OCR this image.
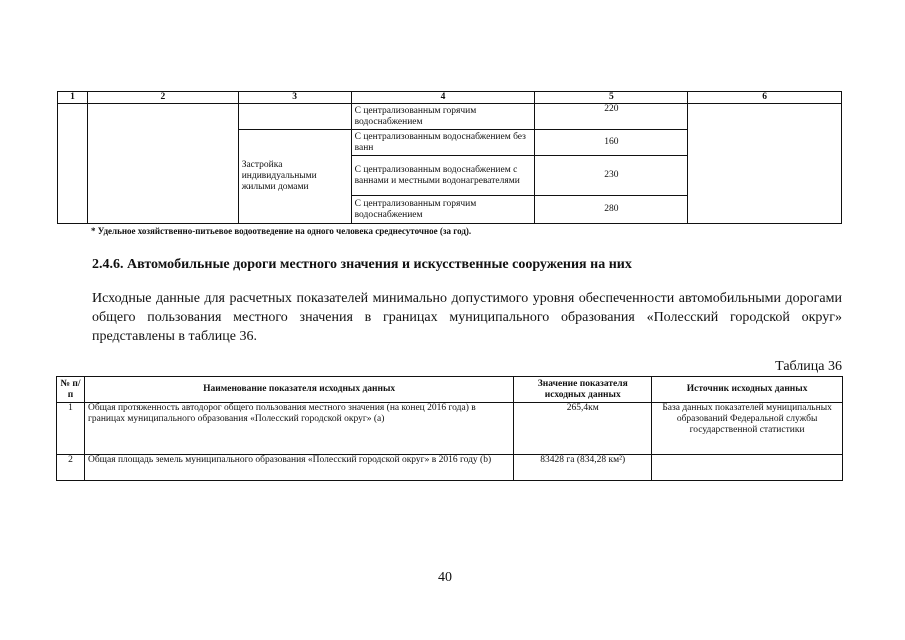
1	2	3	4	5	6
			С централизованным горячим водоснабжением	220	
		Застройка индивидуальными жилыми домами	С централизованным водоснабжением без ванн	160	
			С централизованным водоснабжением с ваннами и местными водонагревателями	230	
			С централизованным горячим водоснабжением	280	
* Удельное хозяйственно-питьевое водоотведение на одного человека среднесуточное (за год).
2.4.6. Автомобильные дороги местного значения и искусственные сооружения на них
Исходные данные для расчетных показателей минимально допустимого уровня обеспеченности автомобильными дорогами общего пользования местного значения в границах муниципального образования «Полесский городской округ» представлены в таблице 36.
Таблица 36
№ п/п	Наименование показателя исходных данных	Значение показателя исходных данных	Источник исходных данных
1	Общая протяженность автодорог общего пользования местного значения (на конец 2016 года) в границах муниципального образования «Полесский городской округ» (а)	265,4км	База данных показателей муниципальных образований Федеральной службы государственной статистики
2	Общая площадь земель муниципального образования «Полесский городской округ» в 2016 году (b)	83428 га (834,28 км²)	
40
